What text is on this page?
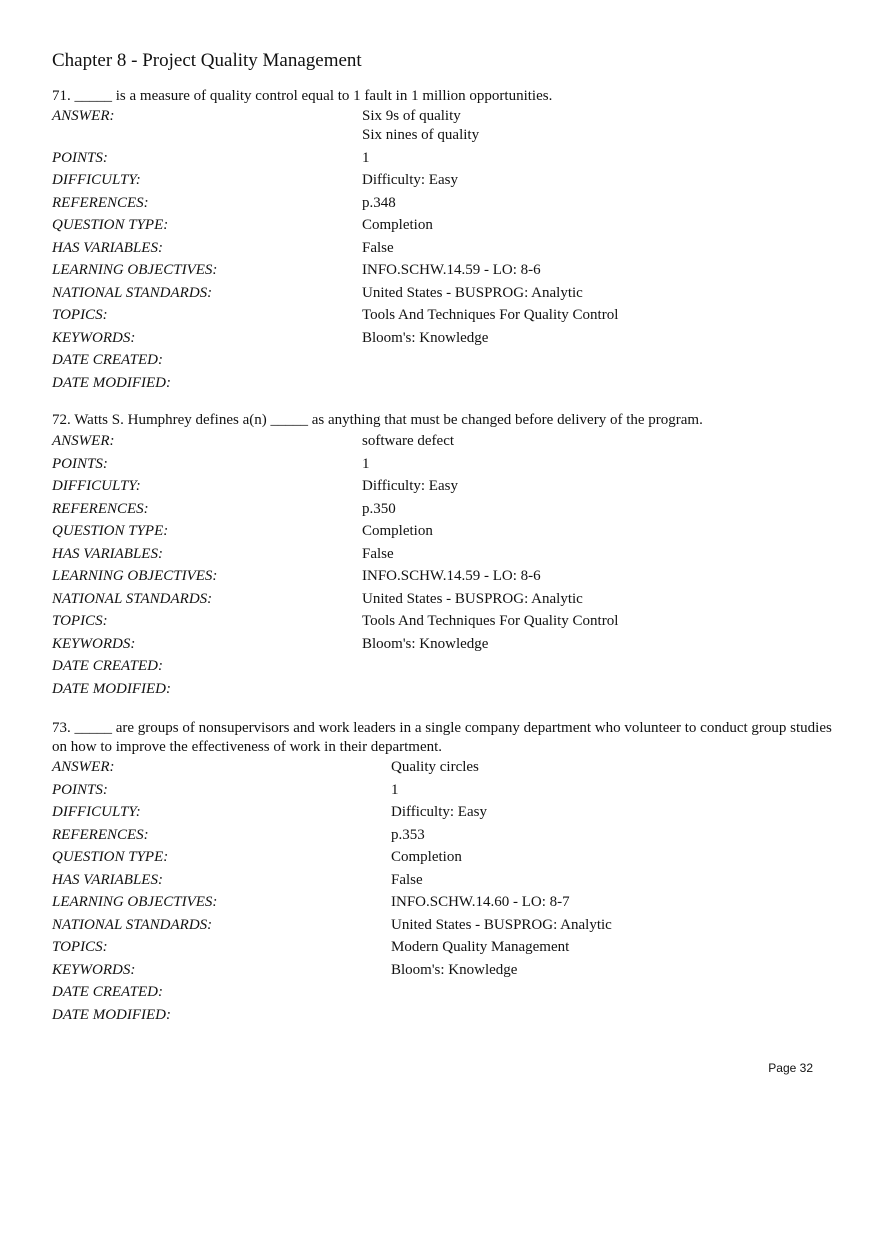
Chapter 8 - Project Quality Management
71. _____ is a measure of quality control equal to 1 fault in 1 million opportunities.
ANSWER:	Six 9s of quality
Six nines of quality
POINTS:	1
DIFFICULTY:	Difficulty: Easy
REFERENCES:	p.348
QUESTION TYPE:	Completion
HAS VARIABLES:	False
LEARNING OBJECTIVES:	INFO.SCHW.14.59 - LO: 8-6
NATIONAL STANDARDS:	United States - BUSPROG: Analytic
TOPICS:	Tools And Techniques For Quality Control
KEYWORDS:	Bloom's: Knowledge
DATE CREATED:
DATE MODIFIED:
72. Watts S. Humphrey defines a(n) _____ as anything that must be changed before delivery of the program.
ANSWER:	software defect
POINTS:	1
DIFFICULTY:	Difficulty: Easy
REFERENCES:	p.350
QUESTION TYPE:	Completion
HAS VARIABLES:	False
LEARNING OBJECTIVES:	INFO.SCHW.14.59 - LO: 8-6
NATIONAL STANDARDS:	United States - BUSPROG: Analytic
TOPICS:	Tools And Techniques For Quality Control
KEYWORDS:	Bloom's: Knowledge
DATE CREATED:
DATE MODIFIED:
73. _____ are groups of nonsupervisors and work leaders in a single company department who volunteer to conduct group studies on how to improve the effectiveness of work in their department.
ANSWER:	Quality circles
POINTS:	1
DIFFICULTY:	Difficulty: Easy
REFERENCES:	p.353
QUESTION TYPE:	Completion
HAS VARIABLES:	False
LEARNING OBJECTIVES:	INFO.SCHW.14.60 - LO: 8-7
NATIONAL STANDARDS:	United States - BUSPROG: Analytic
TOPICS:	Modern Quality Management
KEYWORDS:	Bloom's: Knowledge
DATE CREATED:
DATE MODIFIED:
Page 32
